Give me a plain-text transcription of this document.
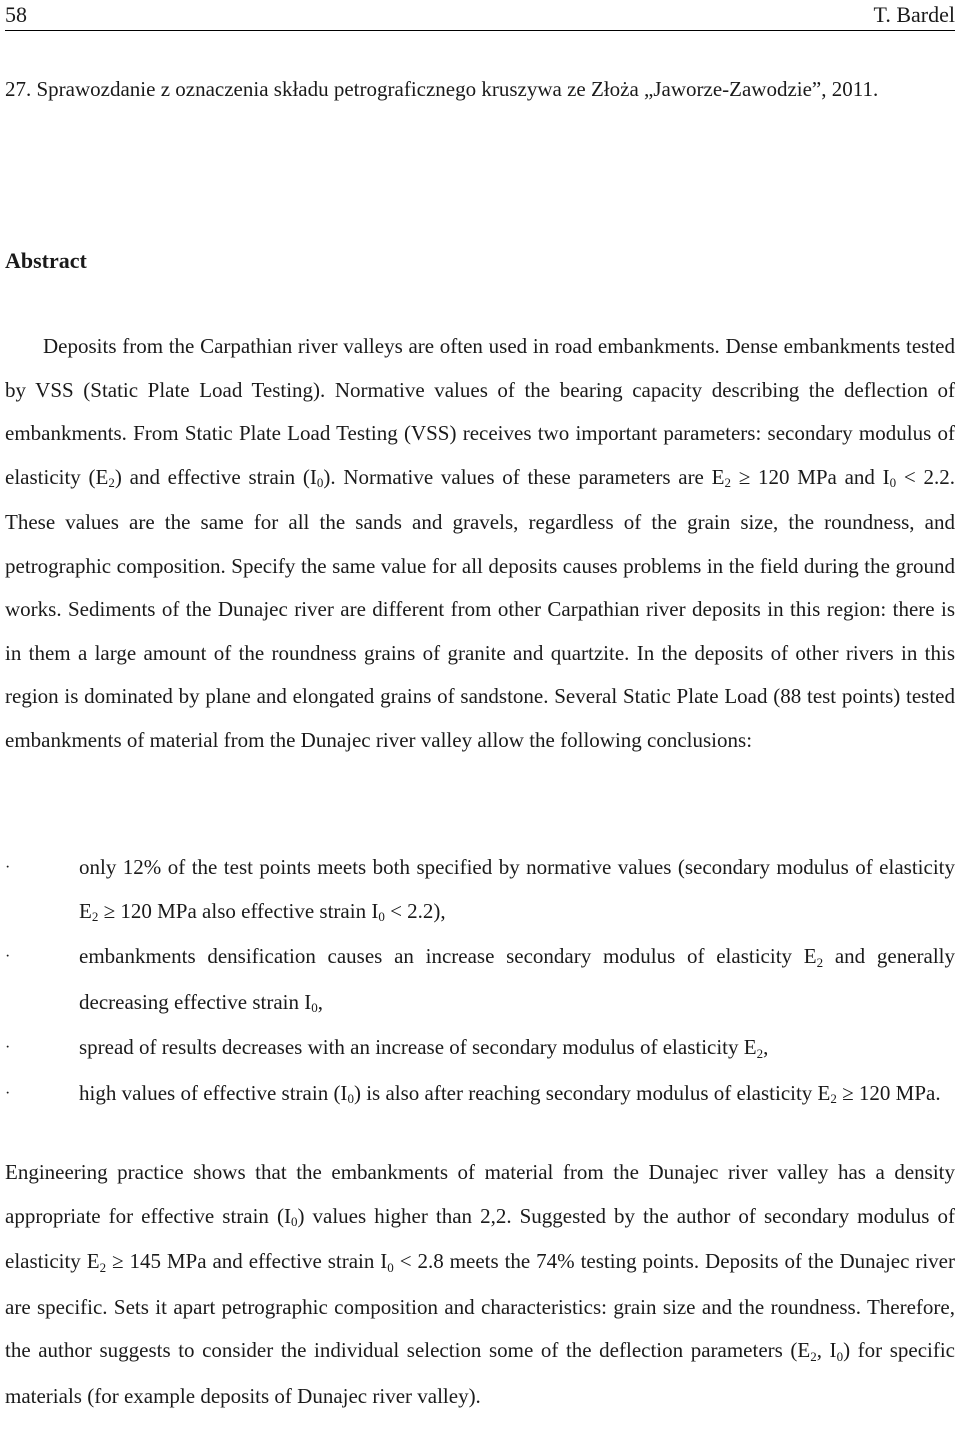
58	T. Bardel
27. Sprawozdanie z oznaczenia składu petrograficznego kruszywa ze Złoża „Jaworze-Zawodzie”, 2011.
Abstract
Deposits from the Carpathian river valleys are often used in road embankments. Dense embankments tested by VSS (Static Plate Load Testing). Normative values of the bearing capacity describing the deflection of embankments. From Static Plate Load Testing (VSS) receives two important parameters: secondary modulus of elasticity $(E_2)$ and effective strain $(I_0)$. Normative values of these parameters are $E_2 \ge 120$ MPa and $I_0 < 2.2$. These values are the same for all the sands and gravels, regardless of the grain size, the roundness, and petrographic composition. Specify the same value for all deposits causes problems in the field during the ground works. Sediments of the Dunajec river are different from other Carpathian river deposits in this region: there is in them a large amount of the roundness grains of granite and quartzite. In the deposits of other rivers in this region is dominated by plane and elongated grains of sandstone. Several Static Plate Load (88 test points) tested embankments of material from the Dunajec river valley allow the following conclusions:
·	only 12% of the test points meets both specified by normative values (secondary modulus of elasticity $E_2 \ge 120$ MPa also effective strain $I_0 < 2.2$),
·	embankments densification causes an increase secondary modulus of elasticity $E_2$ and generally decreasing effective strain $I_0$,
·	spread of results decreases with an increase of secondary modulus of elasticity $E_2$,
·	high values of effective strain $(I_0)$ is also after reaching secondary modulus of elasticity $E_2 \ge 120$ MPa.
Engineering practice shows that the embankments of material from the Dunajec river valley has a density appropriate for effective strain $(I_0)$ values higher than 2,2. Suggested by the author of secondary modulus of elasticity $E_2 \ge 145$ MPa and effective strain $I_0 < 2.8$ meets the 74% testing points. Deposits of the Dunajec river are specific. Sets it apart petrographic composition and characteristics: grain size and the roundness. Therefore, the author suggests to consider the individual selection some of the deflection parameters ($E_2$, $I_0$) for specific materials (for example deposits of Dunajec river valley).
